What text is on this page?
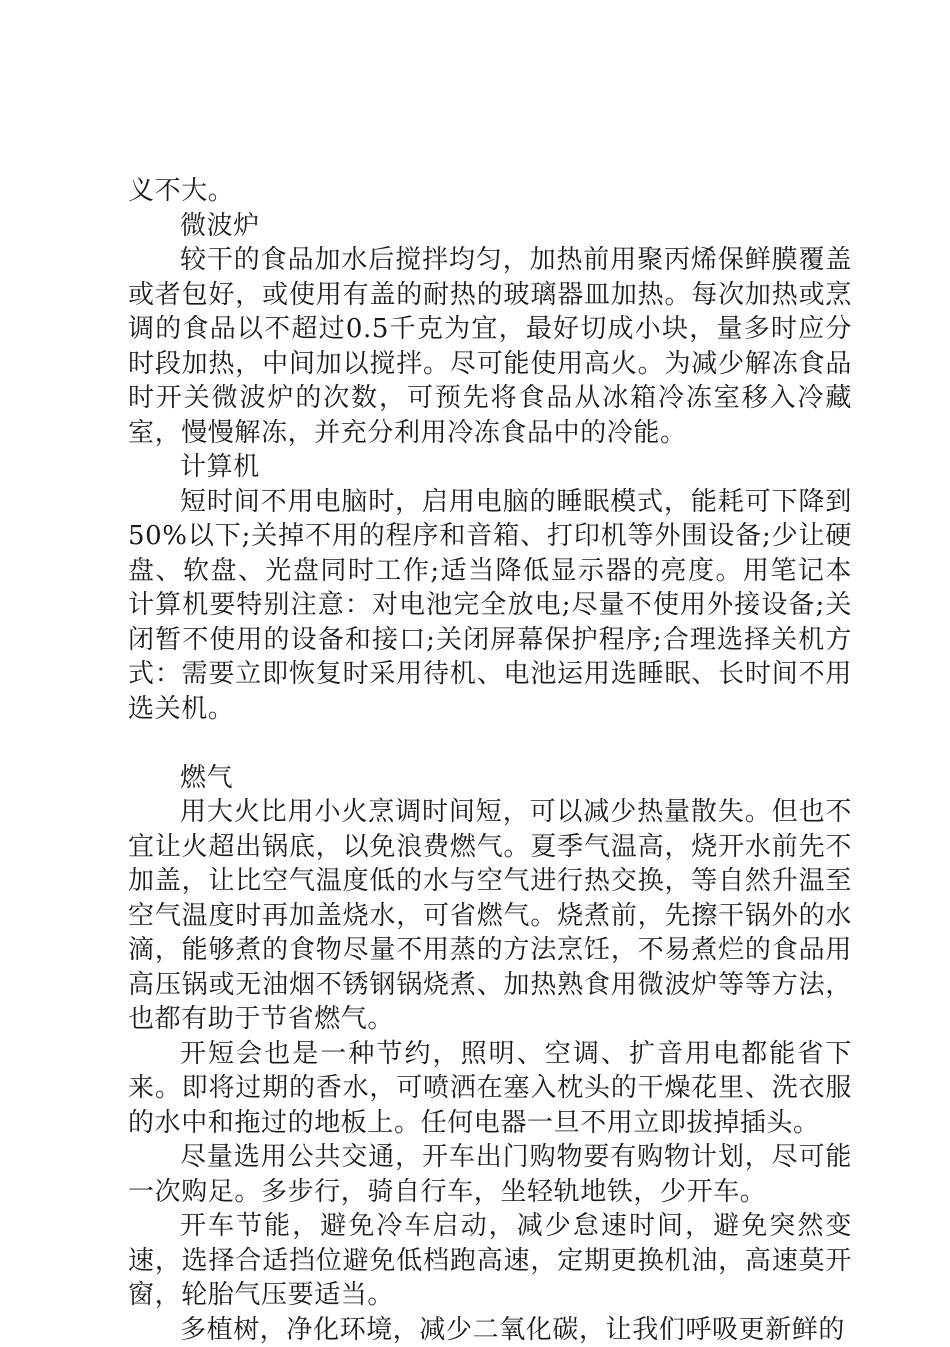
义不大。

微波炉

较干的食品加水后搅拌均匀，加热前用聚丙烯保鲜膜覆盖或者包好，或使用有盖的耐热的玻璃器皿加热。每次加热或烹调的食品以不超过0.5千克为宜，最好切成小块，量多时应分时段加热，中间加以搅拌。尽可能使用高火。为减少解冻食品时开关微波炉的次数，可预先将食品从冰箱冷冻室移入冷藏室，慢慢解冻，并充分利用冷冻食品中的冷能。

计算机

短时间不用电脑时，启用电脑的睡眠模式，能耗可下降到50%以下;关掉不用的程序和音箱、打印机等外围设备;少让硬盘、软盘、光盘同时工作;适当降低显示器的亮度。用笔记本计算机要特别注意：对电池完全放电;尽量不使用外接设备;关闭暂不使用的设备和接口;关闭屏幕保护程序;合理选择关机方式：需要立即恢复时采用待机、电池运用选睡眠、长时间不用选关机。

燃气

用大火比用小火烹调时间短，可以减少热量散失。但也不宜让火超出锅底，以免浪费燃气。夏季气温高，烧开水前先不加盖，让比空气温度低的水与空气进行热交换，等自然升温至空气温度时再加盖烧水，可省燃气。烧煮前，先擦干锅外的水滴，能够煮的食物尽量不用蒸的方法烹饪，不易煮烂的食品用高压锅或无油烟不锈钢锅烧煮、加热熟食用微波炉等等方法，也都有助于节省燃气。

开短会也是一种节约，照明、空调、扩音用电都能省下来。即将过期的香水，可喷洒在塞入枕头的干燥花里、洗衣服的水中和拖过的地板上。任何电器一旦不用立即拔掉插头。

尽量选用公共交通，开车出门购物要有购物计划，尽可能一次购足。多步行，骑自行车，坐轻轨地铁，少开车。

开车节能，避免冷车启动，减少怠速时间，避免突然变速，选择合适挡位避免低档跑高速，定期更换机油，高速莫开窗，轮胎气压要适当。

多植树，净化环境，减少二氧化碳，让我们呼吸更新鲜的
